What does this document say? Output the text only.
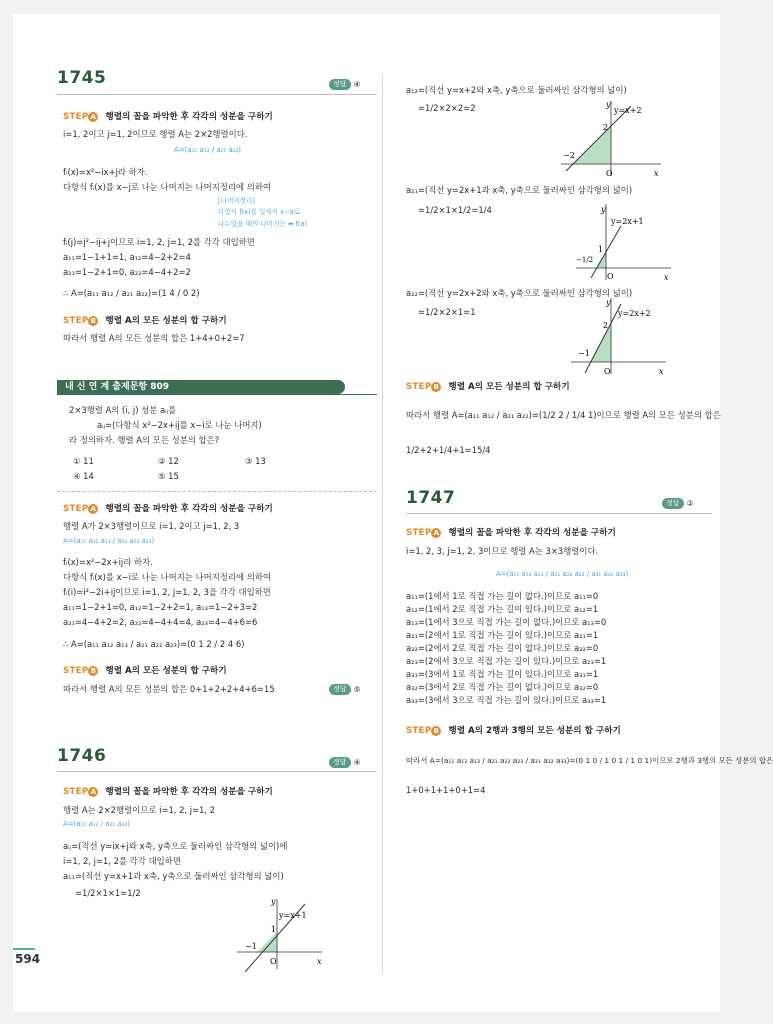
594
1745	정답 ④
STEP A 행렬의 꼴을 파악한 후 각각의 성분을 구하기
i=1, 2이고 j=1, 2이므로 행렬 A는 2×2행렬이다.
A=(a₁₁ a₁₂ / a₂₁ a₂₂)
fᵢ(x)=x²−ix+j라 하자.
다항식 fᵢ(x)를 x−j로 나눈 나머지는 나머지정리에 의하여
[나머지정리]
다항식 f(x)를 일차식 x−a로
나누었을 때의 나머지는 ➡ f(a)
fᵢ(j)=j²−ij+j이므로 i=1, 2, j=1, 2를 각각 대입하면
a₁₁=1−1+1=1, a₁₂=4−2+2=4
a₂₁=1−2+1=0, a₂₂=4−4+2=2
∴ A=(a₁₁ a₁₂ / a₂₁ a₂₂)=(1 4 / 0 2)
STEP B 행렬 A의 모든 성분의 합 구하기
따라서 행렬 A의 모든 성분의 합은 1+4+0+2=7
내 신 연 계 출제문항 809
2×3행렬 A의 (i, j) 성분 aᵢⱼ를
aᵢⱼ=(다항식 x²−2x+ij를 x−i로 나눈 나머지)
라 정의하자. 행렬 A의 모든 성분의 합은?
① 11	② 12	③ 13
④ 14	⑤ 15
STEP A 행렬의 꼴을 파악한 후 각각의 성분을 구하기
행렬 A가 2×3행렬이므로 i=1, 2이고 j=1, 2, 3
A=(a₁₁ a₁₂ a₁₃ / a₂₁ a₂₂ a₂₃)
fᵢ(x)=x²−2x+ij라 하자.
다항식 fᵢ(x)를 x−i로 나눈 나머지는 나머지정리에 의하여
fᵢ(i)=i²−2i+ij이므로 i=1, 2, j=1, 2, 3을 각각 대입하면
a₁₁=1−2+1=0, a₁₂=1−2+2=1, a₁₃=1−2+3=2
a₂₁=4−4+2=2, a₂₂=4−4+4=4, a₂₃=4−4+6=6
∴ A=(a₁₁ a₁₂ a₁₃ / a₂₁ a₂₂ a₂₃)=(0 1 2 / 2 4 6)
STEP B 행렬 A의 모든 성분의 합 구하기
따라서 행렬 A의 모든 성분의 합은 0+1+2+2+4+6=15	정답 ⑤
1746	정답 ④
STEP A 행렬의 꼴을 파악한 후 각각의 성분을 구하기
행렬 A는 2×2행렬이므로 i=1, 2, j=1, 2
A=(a₁₁ a₁₂ / a₂₁ a₂₂)
aᵢⱼ=(직선 y=ix+j와 x축, y축으로 둘러싸인 삼각형의 넓이)에
i=1, 2, j=1, 2를 각각 대입하면
a₁₁=(직선 y=x+1과 x축, y축으로 둘러싸인 삼각형의 넓이)
=1/2×1×1=1/2
y=x+1
y
x
O
−1
1
a₁₂=(직선 y=x+2와 x축, y축으로 둘러싸인 삼각형의 넓이)
=1/2×2×2=2	y=x+2
y
x
O
−2
2
a₂₁=(직선 y=2x+1과 x축, y축으로 둘러싸인 삼각형의 넓이)
=1/2×1×1/2=1/4
y=2x+1
y
x
O
−1/2
1
a₂₂=(직선 y=2x+2와 x축, y축으로 둘러싸인 삼각형의 넓이)
=1/2×2×1=1	y=2x+2
y
x
O
−1
2
STEP B 행렬 A의 모든 성분의 합 구하기
따라서 행렬 A=(a₁₁ a₁₂ / a₂₁ a₂₂)=(1/2 2 / 1/4 1)이므로 행렬 A의 모든 성분의 합은
1/2+2+1/4+1=15/4
1747	정답 ②
STEP A 행렬의 꼴을 파악한 후 각각의 성분을 구하기
i=1, 2, 3, j=1, 2, 3이므로 행렬 A는 3×3행렬이다.
A=(a₁₁ a₁₂ a₁₃ / a₂₁ a₂₂ a₂₃ / a₃₁ a₃₂ a₃₃)
a₁₁=(1에서 1로 직접 가는 길이 없다.)이므로 a₁₁=0
a₁₂=(1에서 2로 직접 가는 길이 있다.)이므로 a₁₂=1
a₁₃=(1에서 3으로 직접 가는 길이 없다.)이므로 a₁₃=0
a₂₁=(2에서 1로 직접 가는 길이 있다.)이므로 a₂₁=1
a₂₂=(2에서 2로 직접 가는 길이 없다.)이므로 a₂₂=0
a₂₃=(2에서 3으로 직접 가는 길이 있다.)이므로 a₂₃=1
a₃₁=(3에서 1로 직접 가는 길이 있다.)이므로 a₃₁=1
a₃₂=(3에서 2로 직접 가는 길이 없다.)이므로 a₃₂=0
a₃₃=(3에서 3으로 직접 가는 길이 있다.)이므로 a₃₃=1
STEP B 행렬 A의 2행과 3행의 모든 성분의 합 구하기
따라서 A=(a₁₁ a₁₂ a₁₃ / a₂₁ a₂₂ a₂₃ / a₃₁ a₃₂ a₃₃)=(0 1 0 / 1 0 1 / 1 0 1)이므로 2행과 3행의 모든 성분의 합은
1+0+1+1+0+1=4
